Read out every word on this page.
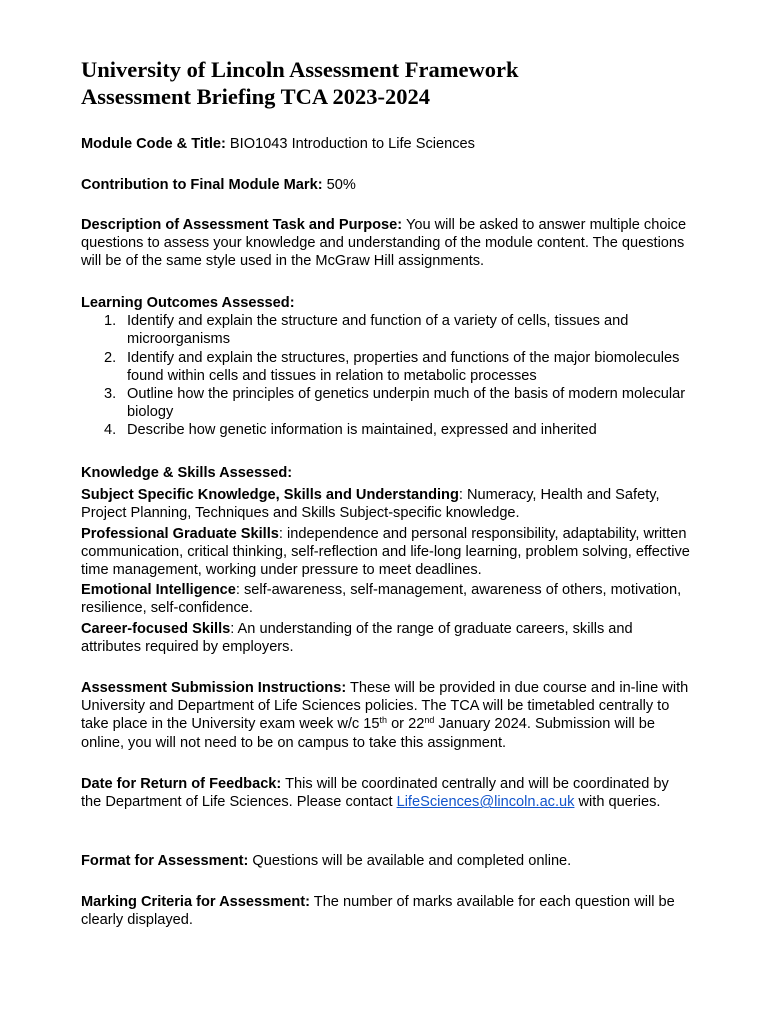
University of Lincoln Assessment Framework
Assessment Briefing TCA 2023-2024

Module Code & Title: BIO1043 Introduction to Life Sciences

Contribution to Final Module Mark: 50%

Description of Assessment Task and Purpose: You will be asked to answer multiple choice questions to assess your knowledge and understanding of the module content. The questions will be of the same style used in the McGraw Hill assignments.

Learning Outcomes Assessed:
1. Identify and explain the structure and function of a variety of cells, tissues and microorganisms
2. Identify and explain the structures, properties and functions of the major biomolecules found within cells and tissues in relation to metabolic processes
3. Outline how the principles of genetics underpin much of the basis of modern molecular biology
4. Describe how genetic information is maintained, expressed and inherited
Knowledge & Skills Assessed:

Subject Specific Knowledge, Skills and Understanding: Numeracy, Health and Safety, Project Planning, Techniques and Skills Subject-specific knowledge.

Professional Graduate Skills: independence and personal responsibility, adaptability, written communication, critical thinking, self-reflection and life-long learning, problem solving, effective time management, working under pressure to meet deadlines.

Emotional Intelligence: self-awareness, self-management, awareness of others, motivation, resilience, self-confidence.

Career-focused Skills: An understanding of the range of graduate careers, skills and attributes required by employers.

Assessment Submission Instructions: These will be provided in due course and in-line with University and Department of Life Sciences policies. The TCA will be timetabled centrally to take place in the University exam week w/c 15th or 22nd January 2024. Submission will be online, you will not need to be on campus to take this assignment.

Date for Return of Feedback: This will be coordinated centrally and will be coordinated by the Department of Life Sciences. Please contact LifeSciences@lincoln.ac.uk with queries.

Format for Assessment: Questions will be available and completed online.

Marking Criteria for Assessment: The number of marks available for each question will be clearly displayed.
